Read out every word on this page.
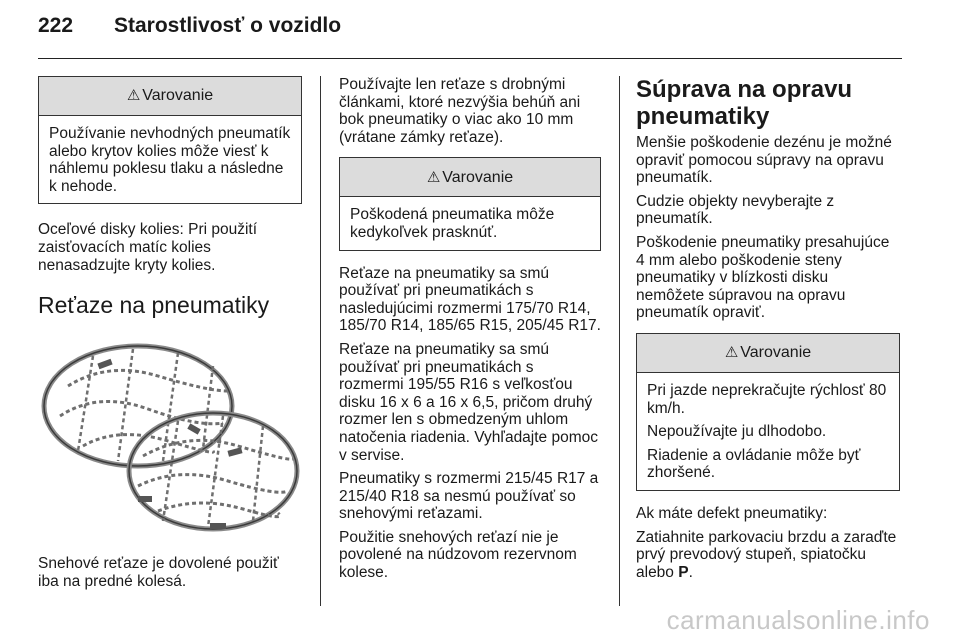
222 Starostlivosť o vozidlo
⚠ Varovanie

Používanie nevhodných pneumatík alebo krytov kolies môže viesť k náhlemu poklesu tlaku a následne k nehode.

Oceľové disky kolies: Pri použití zaisťovacích matíc kolies nenasadzujte kryty kolies.

Reťaze na pneumatiky

Snehové reťaze je dovolené použiť iba na predné kolesá.

Používajte len reťaze s drobnými článkami, ktoré nezvýšia behúň ani bok pneumatiky o viac ako 10 mm (vrátane zámky reťaze).

⚠ Varovanie

Poškodená pneumatika môže kedykoľvek prasknúť.

Reťaze na pneumatiky sa smú používať pri pneumatikách s nasledujúcimi rozmermi 175/70 R14, 185/70 R14, 185/65 R15, 205/45 R17.

Reťaze na pneumatiky sa smú používať pri pneumatikách s rozmermi 195/55 R16 s veľkosťou disku 16 x 6 a 16 x 6,5, pričom druhý rozmer len s obmedzeným uhlom natočenia riadenia. Vyhľadajte pomoc v servise.

Pneumatiky s rozmermi 215/45 R17 a 215/40 R18 sa nesmú používať so snehovými reťazami.

Použitie snehových reťazí nie je povolené na núdzovom rezervnom kolese.

Súprava na opravu pneumatiky

Menšie poškodenie dezénu je možné opraviť pomocou súpravy na opravu pneumatík.

Cudzie objekty nevyberajte z pneumatík.

Poškodenie pneumatiky presahujúce 4 mm alebo poškodenie steny pneumatiky v blízkosti disku nemôžete súpravou na opravu pneumatík opraviť.

⚠ Varovanie

Pri jazde neprekračujte rýchlosť 80 km/h.

Nepoužívajte ju dlhodobo.

Riadenie a ovládanie môže byť zhoršené.

Ak máte defekt pneumatiky:

Zatiahnite parkovaciu brzdu a zaraďte prvý prevodový stupeň, spiatočku alebo P.

carmanualsonline.info
